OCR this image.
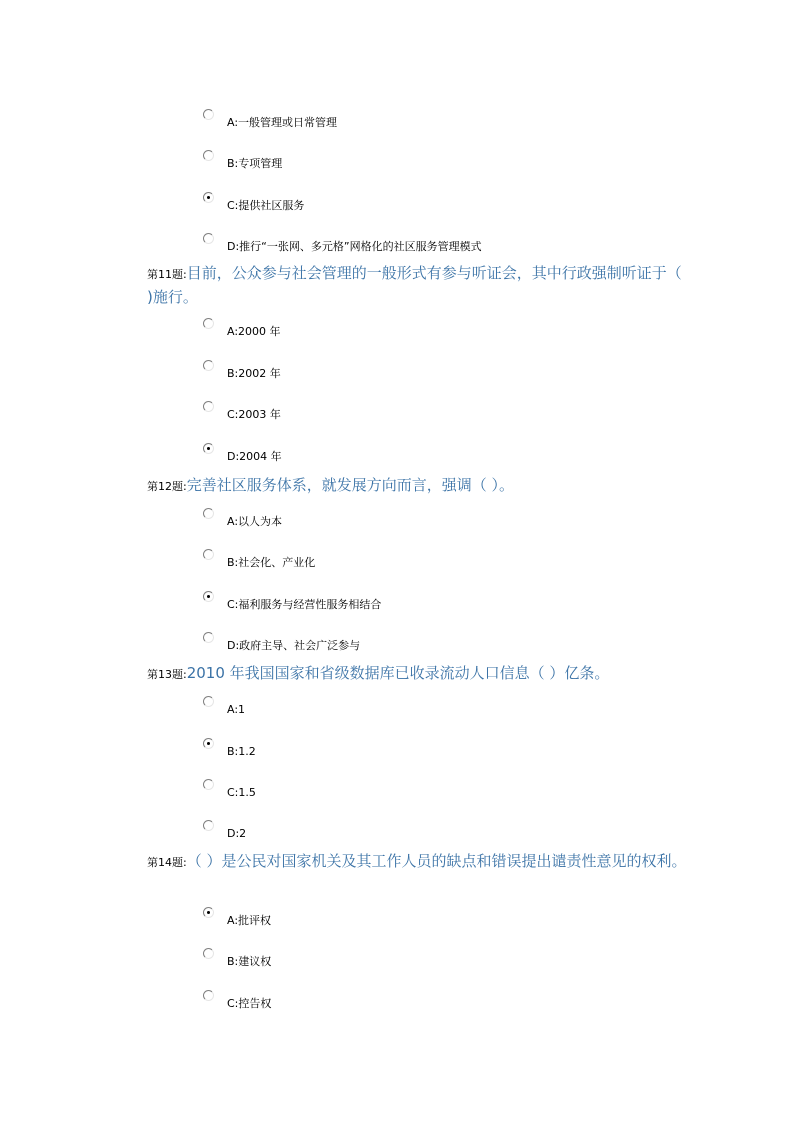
A:一般管理或日常管理
B:专项管理
C:提供社区服务
D:推行“一张网、多元格”网格化的社区服务管理模式
第11题:目前，公众参与社会管理的一般形式有参与听证会，其中行政强制听证于（ )施行。
A:2000 年
B:2002 年
C:2003 年
D:2004 年
第12题:完善社区服务体系，就发展方向而言，强调（ ）。
A:以人为本
B:社会化、产业化
C:福利服务与经营性服务相结合
D:政府主导、社会广泛参与
第13题:2010 年我国国家和省级数据库已收录流动人口信息（ ）亿条。
A:1
B:1.2
C:1.5
D:2
第14题:（ ）是公民对国家机关及其工作人员的缺点和错误提出谴责性意见的权利。
A:批评权
B:建议权
C:控告权
